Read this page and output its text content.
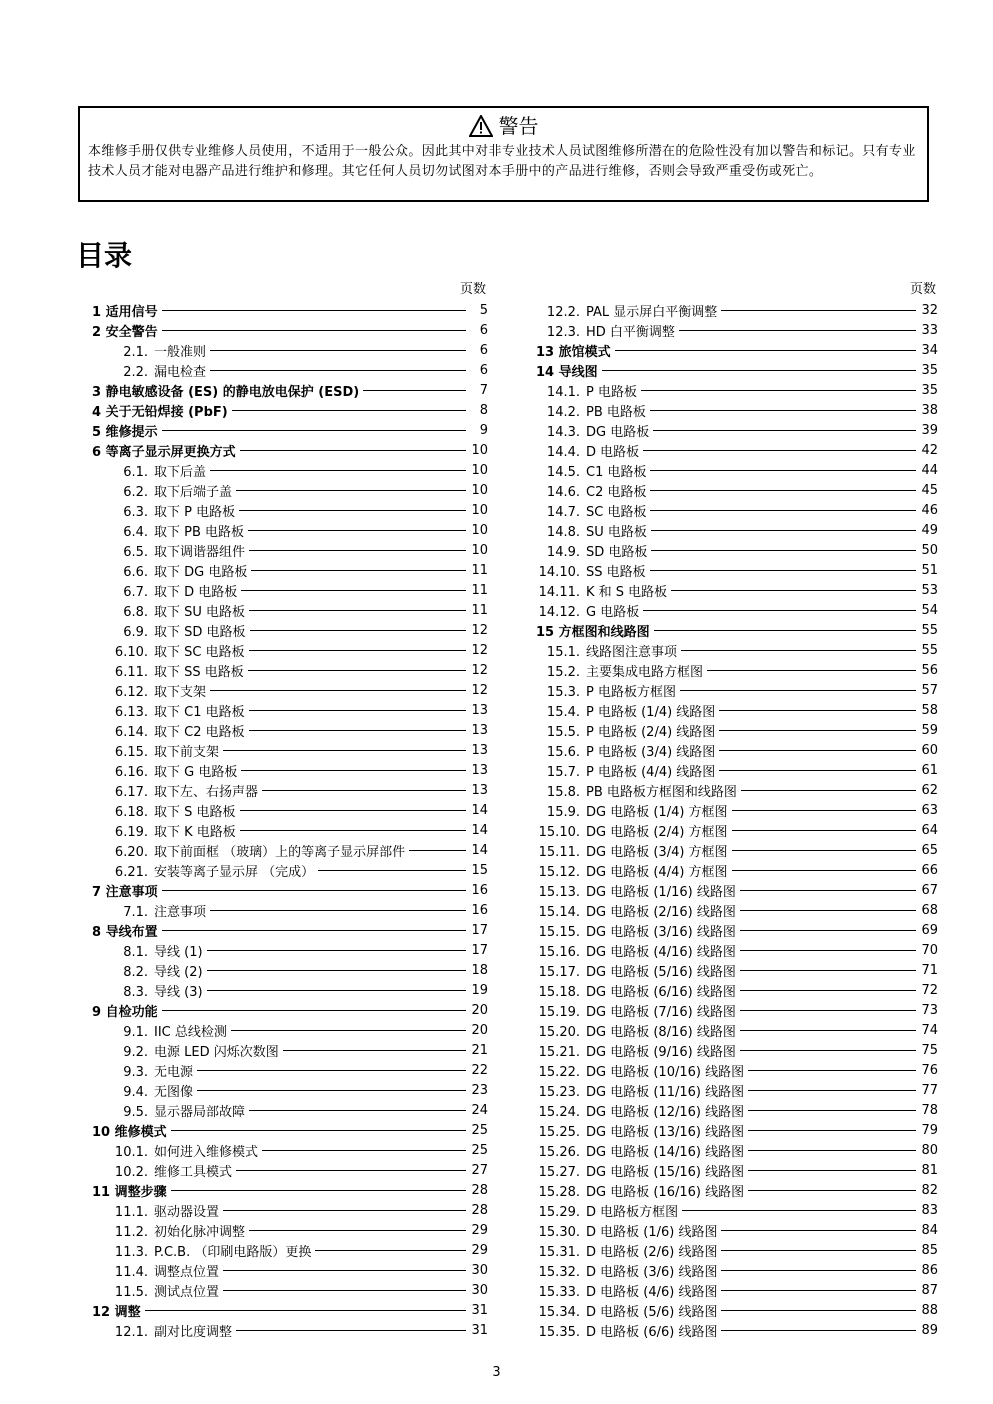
警告
本维修手册仅供专业维修人员使用，不适用于一般公众。因此其中对非专业技术人员试图维修所潜在的危险性没有加以警告和标记。只有专业技术人员才能对电器产品进行维护和修理。其它任何人员切勿试图对本手册中的产品进行维修，否则会导致严重受伤或死亡。
目录
页数
1 适用信号	5
2 安全警告	6
2.1. 一般准则	6
2.2. 漏电检查	6
3 静电敏感设备 (ES) 的静电放电保护 (ESD)	7
4 关于无铅焊接 (PbF)	8
5 维修提示	9
6 等离子显示屏更换方式	10
6.1. 取下后盖	10
6.2. 取下后端子盖	10
6.3. 取下 P 电路板	10
6.4. 取下 PB 电路板	10
6.5. 取下调谐器组件	10
6.6. 取下 DG 电路板	11
6.7. 取下 D 电路板	11
6.8. 取下 SU 电路板	11
6.9. 取下 SD 电路板	12
6.10. 取下 SC 电路板	12
6.11. 取下 SS 电路板	12
6.12. 取下支架	12
6.13. 取下 C1 电路板	13
6.14. 取下 C2 电路板	13
6.15. 取下前支架	13
6.16. 取下 G 电路板	13
6.17. 取下左、右扬声器	13
6.18. 取下 S 电路板	14
6.19. 取下 K 电路板	14
6.20. 取下前面框 （玻璃）上的等离子显示屏部件	14
6.21. 安装等离子显示屏 （完成）	15
7 注意事项	16
7.1. 注意事项	16
8 导线布置	17
8.1. 导线 (1)	17
8.2. 导线 (2)	18
8.3. 导线 (3)	19
9 自检功能	20
9.1. IIC 总线检测	20
9.2. 电源 LED 闪烁次数图	21
9.3. 无电源	22
9.4. 无图像	23
9.5. 显示器局部故障	24
10 维修模式	25
10.1. 如何进入维修模式	25
10.2. 维修工具模式	27
11 调整步骤	28
11.1. 驱动器设置	28
11.2. 初始化脉冲调整	29
11.3. P.C.B. （印刷电路版）更换	29
11.4. 调整点位置	30
11.5. 测试点位置	30
12 调整	31
12.1. 副对比度调整	31
页数
12.2. PAL 显示屏白平衡调整	32
12.3. HD 白平衡调整	33
13 旅馆模式	34
14 导线图	35
14.1. P 电路板	35
14.2. PB 电路板	38
14.3. DG 电路板	39
14.4. D 电路板	42
14.5. C1 电路板	44
14.6. C2 电路板	45
14.7. SC 电路板	46
14.8. SU 电路板	49
14.9. SD 电路板	50
14.10. SS 电路板	51
14.11. K 和 S 电路板	53
14.12. G 电路板	54
15 方框图和线路图	55
15.1. 线路图注意事项	55
15.2. 主要集成电路方框图	56
15.3. P 电路板方框图	57
15.4. P 电路板 (1/4) 线路图	58
15.5. P 电路板 (2/4) 线路图	59
15.6. P 电路板 (3/4) 线路图	60
15.7. P 电路板 (4/4) 线路图	61
15.8. PB 电路板方框图和线路图	62
15.9. DG 电路板 (1/4) 方框图	63
15.10. DG 电路板 (2/4) 方框图	64
15.11. DG 电路板 (3/4) 方框图	65
15.12. DG 电路板 (4/4) 方框图	66
15.13. DG 电路板 (1/16) 线路图	67
15.14. DG 电路板 (2/16) 线路图	68
15.15. DG 电路板 (3/16) 线路图	69
15.16. DG 电路板 (4/16) 线路图	70
15.17. DG 电路板 (5/16) 线路图	71
15.18. DG 电路板 (6/16) 线路图	72
15.19. DG 电路板 (7/16) 线路图	73
15.20. DG 电路板 (8/16) 线路图	74
15.21. DG 电路板 (9/16) 线路图	75
15.22. DG 电路板 (10/16) 线路图	76
15.23. DG 电路板 (11/16) 线路图	77
15.24. DG 电路板 (12/16) 线路图	78
15.25. DG 电路板 (13/16) 线路图	79
15.26. DG 电路板 (14/16) 线路图	80
15.27. DG 电路板 (15/16) 线路图	81
15.28. DG 电路板 (16/16) 线路图	82
15.29. D 电路板方框图	83
15.30. D 电路板 (1/6) 线路图	84
15.31. D 电路板 (2/6) 线路图	85
15.32. D 电路板 (3/6) 线路图	86
15.33. D 电路板 (4/6) 线路图	87
15.34. D 电路板 (5/6) 线路图	88
15.35. D 电路板 (6/6) 线路图	89
3
